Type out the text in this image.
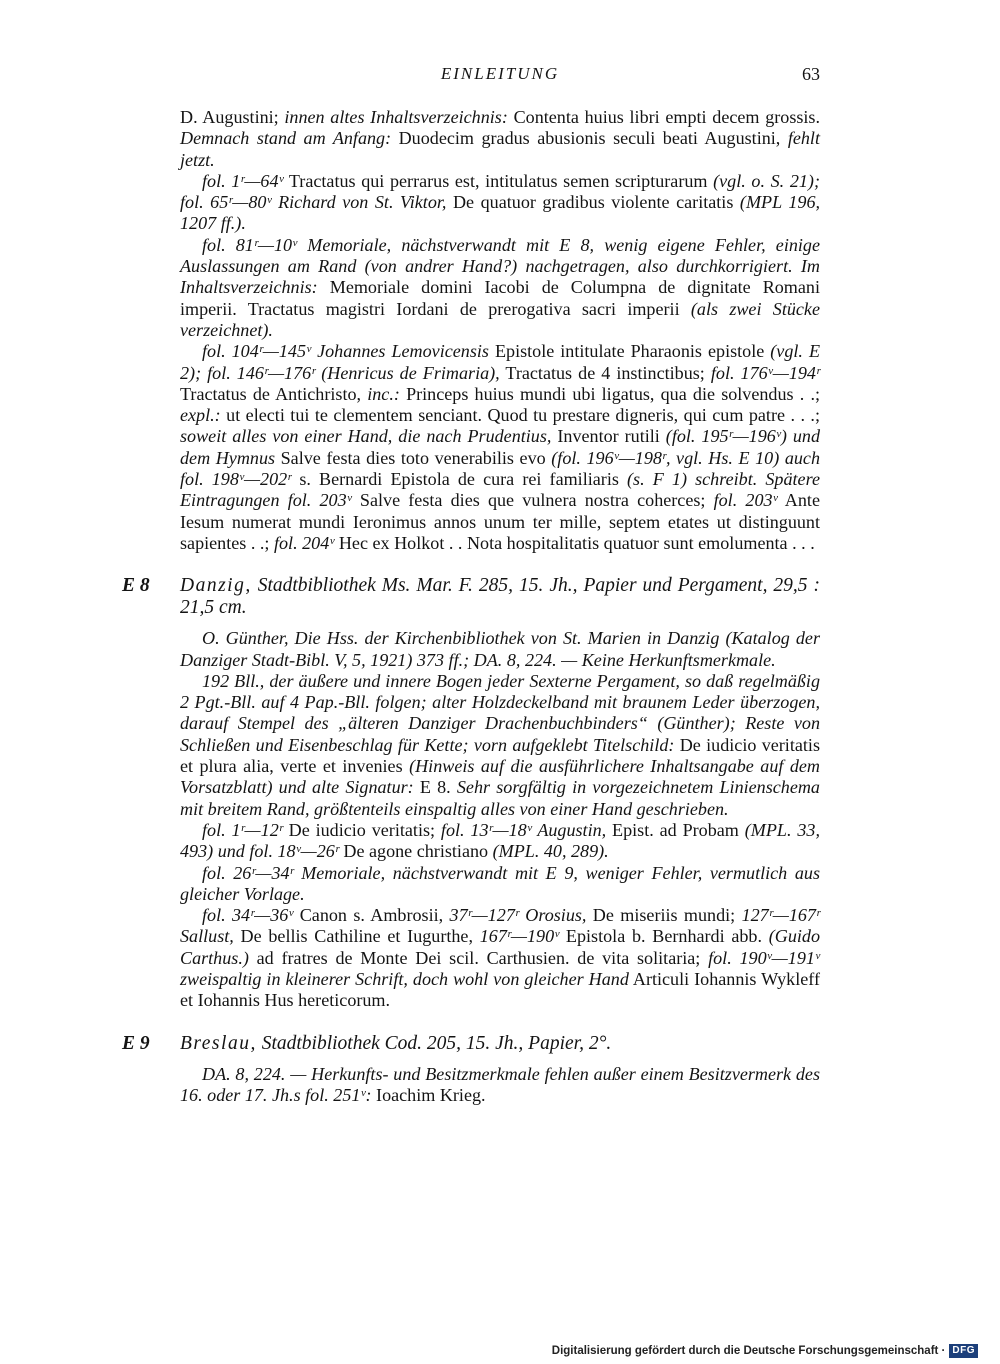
EINLEITUNG	63

D. Augustini; innen altes Inhaltsverzeichnis: Contenta huius libri empti decem grossis. Demnach stand am Anfang: Duodecim gradus abusionis seculi beati Augustini, fehlt jetzt.

fol. 1ʳ—64ᵛ Tractatus qui perrarus est, intitulatus semen scripturarum (vgl. o. S. 21); fol. 65ʳ—80ᵛ Richard von St. Viktor, De quatuor gradibus violente caritatis (MPL 196, 1207 ff.).

fol. 81ʳ—10ᵛ Memoriale, nächstverwandt mit E 8, wenig eigene Fehler, einige Auslassungen am Rand (von andrer Hand?) nachgetragen, also durchkorrigiert. Im Inhaltsverzeichnis: Memoriale domini Iacobi de Columpna de dignitate Romani imperii. Tractatus magistri Iordani de prerogativa sacri imperii (als zwei Stücke verzeichnet).

fol. 104ʳ—145ᵛ Johannes Lemovicensis Epistole intitulate Pharaonis epistole (vgl. E 2); fol. 146ʳ—176ʳ (Henricus de Frimaria), Tractatus de 4 instinctibus; fol. 176ᵛ—194ʳ Tractatus de Antichristo, inc.: Princeps huius mundi ubi ligatus, qua die solvendus . .; expl.: ut electi tui te clementem senciant. Quod tu prestare digneris, qui cum patre . . .; soweit alles von einer Hand, die nach Prudentius, Inventor rutili (fol. 195ʳ—196ᵛ) und dem Hymnus Salve festa dies toto venerabilis evo (fol. 196ᵛ—198ʳ, vgl. Hs. E 10) auch fol. 198ᵛ—202ʳ s. Bernardi Epistola de cura rei familiaris (s. F 1) schreibt. Spätere Eintragungen fol. 203ᵛ Salve festa dies que vulnera nostra coherces; fol. 203ᵛ Ante Iesum numerat mundi Ieronimus annos unum ter mille, septem etates ut distinguunt sapientes . .; fol. 204ᵛ Hec ex Holkot . . Nota hospitalitatis quatuor sunt emolumenta . . .

E 8 Danzig, Stadtbibliothek Ms. Mar. F. 285, 15. Jh., Papier und Pergament, 29,5 : 21,5 cm.

O. Günther, Die Hss. der Kirchenbibliothek von St. Marien in Danzig (Katalog der Danziger Stadt-Bibl. V, 5, 1921) 373 ff.; DA. 8, 224. — Keine Herkunftsmerkmale.

192 Bll., der äußere und innere Bogen jeder Sexterne Pergament, so daß regelmäßig 2 Pgt.-Bll. auf 4 Pap.-Bll. folgen; alter Holzdeckelband mit braunem Leder überzogen, darauf Stempel des „älteren Danziger Drachenbuchbinders“ (Günther); Reste von Schließen und Eisenbeschlag für Kette; vorn aufgeklebt Titelschild: De iudicio veritatis et plura alia, verte et invenies (Hinweis auf die ausführlichere Inhaltsangabe auf dem Vorsatzblatt) und alte Signatur: E 8. Sehr sorgfältig in vorgezeichnetem Linienschema mit breitem Rand, größtenteils einspaltig alles von einer Hand geschrieben.

fol. 1ʳ—12ʳ De iudicio veritatis; fol. 13ʳ—18ᵛ Augustin, Epist. ad Probam (MPL. 33, 493) und fol. 18ᵛ—26ʳ De agone christiano (MPL. 40, 289).

fol. 26ʳ—34ʳ Memoriale, nächstverwandt mit E 9, weniger Fehler, vermutlich aus gleicher Vorlage.

fol. 34ʳ—36ᵛ Canon s. Ambrosii, 37ʳ—127ʳ Orosius, De miseriis mundi; 127ʳ—167ʳ Sallust, De bellis Cathiline et Iugurthe, 167ʳ—190ᵛ Epistola b. Bernhardi abb. (Guido Carthus.) ad fratres de Monte Dei scil. Carthusien. de vita solitaria; fol. 190ᵛ—191ᵛ zweispaltig in kleinerer Schrift, doch wohl von gleicher Hand Articuli Iohannis Wykleff et Iohannis Hus hereticorum.

E 9 Breslau, Stadtbibliothek Cod. 205, 15. Jh., Papier, 2°.

DA. 8, 224. — Herkunfts- und Besitzmerkmale fehlen außer einem Besitzvermerk des 16. oder 17. Jh.s fol. 251ᵛ: Ioachim Krieg.

Digitalisierung gefördert durch die Deutsche Forschungsgemeinschaft · DFG
